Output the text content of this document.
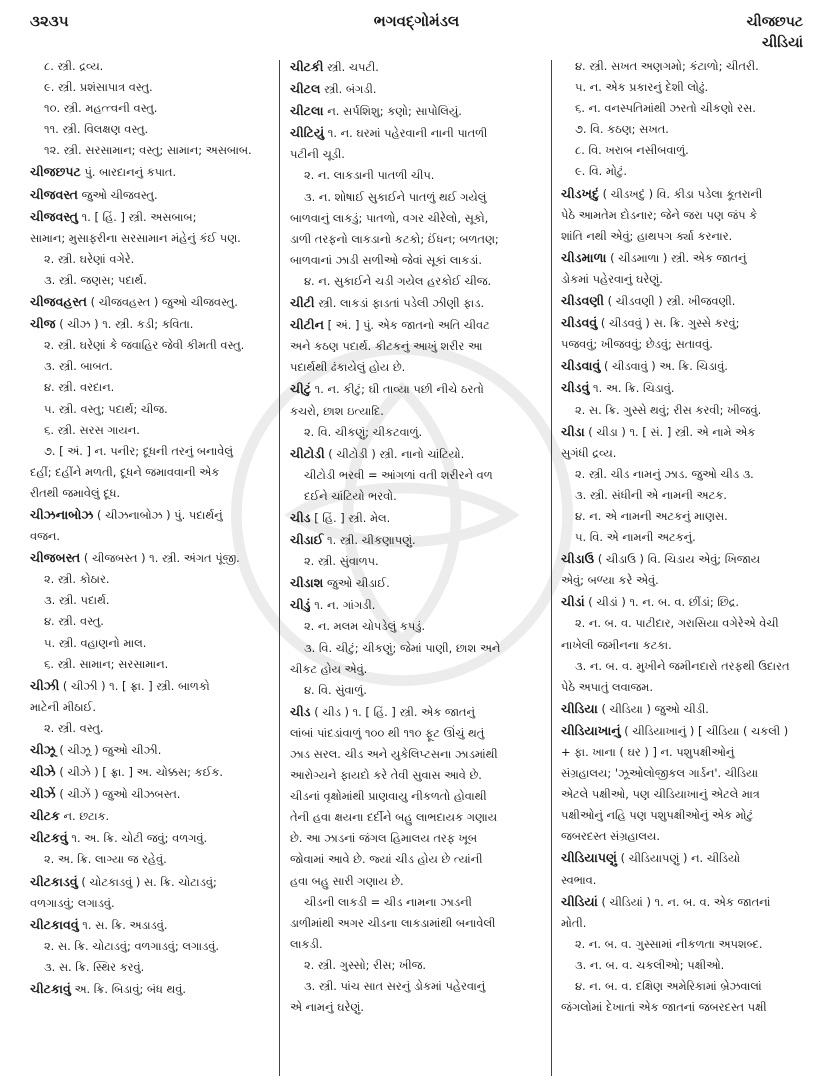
૩૨૩૫	ભગવદ્ગોમંડલ	ચીજછપટ
ચીડિયાં
૮. સ્ત્રી. દ્રવ્ય.
૯. સ્ત્રી. પ્રશંસાપાત્ર વસ્તુ.
૧૦. સ્ત્રી. મહત્ત્વની વસ્તુ.
૧૧. સ્ત્રી. વિલક્ષણ વસ્તુ.
૧૨. સ્ત્રી. સરસામાન; વસ્તુ; સામાન; અસબાબ.
ચીજછપટ પું. બારદાનનું કપાત.
ચીજવસ્ત જુઓ ચીજવસ્તુ.
ચીજવસ્તુ ૧. [ હિં. ] સ્ત્રી. અસબાબ;
સામાન; મુસાફરીના સરસામાન મંહેનું કંઈ પણ.
૨. સ્ત્રી. ઘરેણાં વગેરે.
૩. સ્ત્રી. જણસ; પદાર્થ.
ચીજવહસ્ત ( ચીજવહસ્ત ) જુઓ ચીજવસ્તુ.
ચીજ ( ચીઝ ) ૧. સ્ત્રી. કડી; કવિતા.
૨. સ્ત્રી. ઘરેણાં કે જવાહિર જેવી કીમતી વસ્તુ.
૩. સ્ત્રી. બાબત.
૪. સ્ત્રી. વરદાન.
૫. સ્ત્રી. વસ્તુ; પદાર્થ; ચીજ.
૬. સ્ત્રી. સરસ ગાયન.
૭. [ અં. ] ન. પનીર; દૂધની તરનું બનાવેલું
દહીં; દહીંને મળતી, દૂધને જમાવવાની એક
રીતથી જમાવેલું દૂધ.
ચીઝનાબોઝ ( ચીઝનાબોઝ ) પું. પદાર્થનું
વજન.
ચીજબસ્ત ( ચીજબસ્ત ) ૧. સ્ત્રી. અંગત પૂંજી.
૨. સ્ત્રી. કોઠાર.
૩. સ્ત્રી. પદાર્થ.
૪. સ્ત્રી. વસ્તુ.
૫. સ્ત્રી. વહાણનો માલ.
૬. સ્ત્રી. સામાન; સરસામાન.
ચીઝી ( ચીઝી ) ૧. [ ફ્રા. ] સ્ત્રી. બાળકો
માટેની મીઠાઈ.
૨. સ્ત્રી. વસ્તુ.
ચીઝૂ ( ચીઝૂ ) જુઓ ચીઝી.
ચીઝે ( ચીઝે ) [ ફ્રા. ] અ. ચોક્કસ; કઈક.
ચીઝેં ( ચીઝેં ) જુઓ ચીઝબસ્ત.
ચીટક ન. છટાક.
ચીટકવું ૧. અ. ક્રિ. ચોટી જવું; વળગવું.
૨. અ. ક્રિ. લાગ્યા જ રહેવું.
ચીટકાડવું ( ચોટકાડવું ) સ. ક્રિ. ચોટાડવું;
વળગાડવું; લગાડવું.
ચીટકાવવું ૧. સ. ક્રિ. અડાડવું.
૨. સ. ક્રિ. ચોટાડવું; વળગાડવું; લગાડવું.
૩. સ. ક્રિ. સ્થિર કરવું.
ચીટકાવું અ. ક્રિ. બિડાવું; બંધ થવું.
ચીટકી સ્ત્રી. ચપટી.
ચીટલ સ્ત્રી. બંગડી.
ચીટલા ન. સર્પશિશુ; કણો; સાપોલિયું.
ચીટિયું ૧. ન. ઘરમાં પહેરવાની નાની પાતળી
પટીની ચૂડી.
૨. ન. લાકડાની પાતળી ચીપ.
૩. ન. શોષાઈ સુકાઈને પાતળું થઈ ગયેલું
બાળવાનું લાકડું; પાતળો, વગર ચીરેલો, સૂકો,
ડાળી તરફનો લાકડાનો કટકો; ઈંધન; બળતણ;
બાળવાનાં ઝાડી સળીઓ જેવાં સૂકાં લાકડાં.
૪. ન. સુકાઈને ચડી ગયેલ હરકોઈ ચીજ.
ચીટી સ્ત્રી. લાકડાં ફાડતાં પડેલી ઝીણી ફાડ.
ચીટીન [ અં. ] પું. એક જાતનો અતિ ચીવટ
અને કઠણ પદાર્થ. કીટકનું આખું શરીર આ
પદાર્થથી ઢંકાયેલું હોય છે.
ચીટું ૧. ન. કીટું; ઘી તાવ્યા પછી નીચે ઠરતો
કચરો, છાશ ઇત્યાદિ.
૨. વિ. ચીકણું; ચીકટવાળું.
ચીટોડી ( ચીટોડી ) સ્ત્રી. નાનો ચાંટિયો.
ચીટોડી ભરવી = આંગળાં વતી શરીરને વળ
દઈને ચાંટિયો ભરવો.
ચીડ [ હિં. ] સ્ત્રી. મેલ.
ચીડાઈ ૧. સ્ત્રી. ચીકણાપણું.
૨. સ્ત્રી. સુંવાળપ.
ચીડાશ જુઓ ચીડાઈ.
ચીડું ૧. ન. ગાંગડી.
૨. ન. મલમ ચોપડેલું કપડું.
૩. વિ. ચીટું; ચીકણું; જેમાં પાણી, છાશ અને
ચીકટ હોય એવું.
૪. વિ. સુંવાળું.
ચીડ ( ચીડ ) ૧. [ હિં. ] સ્ત્રી. એક જાતનું
લાંબાં પાંદડાંવાળું ૧૦૦ થી ૧૧૦ ફૂટ ઊંચું થતું
ઝાડ સરલ. ચીડ અને યુકેલિપ્ટસના ઝાડમાંથી
આરોગ્યને ફાયદો કરે તેવી સુવાસ આવે છે.
ચીડનાં વૃક્ષોમાંથી પ્રાણવાયુ નીકળતો હોવાથી
તેની હવા ક્ષયના દર્દીને બહુ લાભદાયક ગણાય
છે. આ ઝાડનાં જંગલ હિમાલય તરફ ખૂબ
જોવામાં આવે છે. જ્યાં ચીડ હોય છે ત્યાંની
હવા બહુ સારી ગણાય છે.
ચીડની લાકડી = ચીડ નામના ઝાડની
ડાળીમાંથી અગર ચીડના લાકડામાંથી બનાવેલી
લાકડી.
૨. સ્ત્રી. ગુસ્સો; રીસ; ખીજ.
૩. સ્ત્રી. પાંચ સાત સરનું ડોકમાં પહેરવાનું
એ નામનું ઘરેણું.
૪. સ્ત્રી. સખત અણગમો; કંટાળો; ચીતરી.
૫. ન. એક પ્રકારનું દેશી લોઢું.
૬. ન. વનસ્પતિમાંથી ઝરતો ચીકણો રસ.
૭. વિ. કઠણ; સખત.
૮. વિ. ખરાબ નસીબવાળું.
૯. વિ. મોટું.
ચીડખદું ( ચીડખદું ) વિ. કીડા પડેલા કૂતરાની
પેઠે આમતેમ દોડનાર; જેને જરા પણ જંપ કે
શાંતિ નથી એવું; હાથપગ ર્ક્યા કરનાર.
ચીડમાળા ( ચીડમાળા ) સ્ત્રી. એક જાતનું
ડોકમાં પહેરવાનું ઘરેણું.
ચીડવણી ( ચીડવણી ) સ્ત્રી. ખીજવણી.
ચીડવવું ( ચીડવવું ) સ. ક્રિ. ગુસ્સે કરવું;
પજવવું; ખીજવવું; છેડવું; સતાવવું.
ચીડવાવું ( ચીડવાવું ) અ. ક્રિ. ચિડાવું.
ચીડવું ૧. અ. ક્રિ. ચિડાવું.
૨. સ. ક્રિ. ગુસ્સે થવું; રીસ કરવી; ખીજવું.
ચીડા ( ચીડા ) ૧. [ સં. ] સ્ત્રી. એ નામે એક
સુગંધી દ્રવ્ય.
૨. સ્ત્રી. ચીડ નામનું ઝાડ. જુઓ ચીડ ૩.
૩. સ્ત્રી. સંધીની એ નામની અટક.
૪. ન. એ નામની અટકનું માણસ.
૫. વિ. એ નામની અટકનું.
ચીડાઉ ( ચીડાઉ ) વિ. ચિડાય એવું; ખિજાય
એવું; બળ્યા કરે એવું.
ચીડાં ( ચીડાં ) ૧. ન. બ. વ. છીંડાં; છિદ્ર.
૨. ન. બ. વ. પાટીદાર, ગરાસિયા વગેરેએ વેચી
નાખેલી જમીનના કટકા.
૩. ન. બ. વ. મુખીને જમીનદારો તરફથી ઉદારત
પેઠે અપાતું લવાજમ.
ચીડિયા ( ચીડિયા ) જુઓ ચીડી.
ચીડિયાખાનું ( ચીડિયાખાનું ) [ ચીડિયા ( ચકલી )
+ ફા. ખાના ( ઘર ) ] ન. પશુપક્ષીઓનું
સંગ્રહાલય; 'ઝૂઓલોજીકલ ગાર્ડન'. ચીડિયા
એટલે પક્ષીઓ, પણ ચીડિયાખાનું એટલે માત્ર
પક્ષીઓનું નહિ પણ પશુપક્ષીઓનું એક મોટું
જબરદસ્ત સંગ્રહાલય.
ચીડિયાપણું ( ચીડિયાપણું ) ન. ચીડિયો
સ્વભાવ.
ચીડિયાં ( ચીડિયાં ) ૧. ન. બ. વ. એક જાતનાં
મોતી.
૨. ન. બ. વ. ગુસ્સામાં નીકળતા અપશબ્દ.
૩. ન. બ. વ. ચકલીઓ; પક્ષીઓ.
૪. ન. બ. વ. દક્ષિણ અમેરિકામાં બ્રેઝવાલાં
જંગલોમાં દેખાતાં એક જાતનાં જબરદસ્ત પક્ષી
